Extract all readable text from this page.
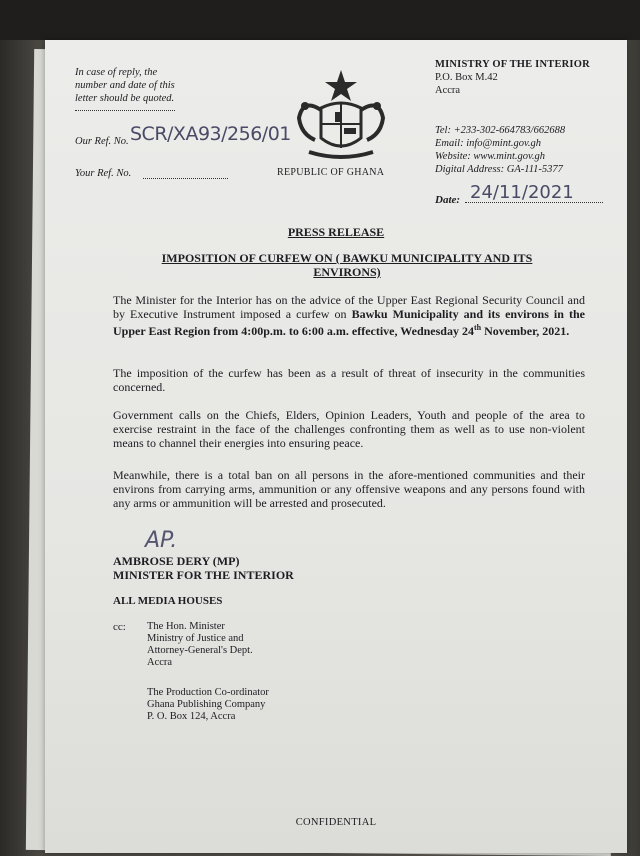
In case of reply, the
number and date of this
letter should be quoted.
Our Ref. No. SCR/XA93/256/01
Your Ref. No.	REPUBLIC OF GHANA
MINISTRY OF THE INTERIOR
P.O. Box M.42
Accra
Tel: +233-302-664783/662688
Email: info@mint.gov.gh
Website: www.mint.gov.gh
Digital Address: GA-111-5377
Date: 24/11/2021
PRESS RELEASE
IMPOSITION OF CURFEW ON ( BAWKU MUNICIPALITY AND ITS ENVIRONS)
The Minister for the Interior has on the advice of the Upper East Regional Security Council and by Executive Instrument imposed a curfew on Bawku Municipality and its environs in the Upper East Region from 4:00p.m. to 6:00 a.m. effective, Wednesday 24th November, 2021.
The imposition of the curfew has been as a result of threat of insecurity in the communities concerned.
Government calls on the Chiefs, Elders, Opinion Leaders, Youth and people of the area to exercise restraint in the face of the challenges confronting them as well as to use non-violent means to channel their energies into ensuring peace.
Meanwhile, there is a total ban on all persons in the afore-mentioned communities and their environs from carrying arms, ammunition or any offensive weapons and any persons found with any arms or ammunition will be arrested and prosecuted.
AP.
AMBROSE DERY (MP)
MINISTER FOR THE INTERIOR
ALL MEDIA HOUSES
cc: The Hon. Minister
Ministry of Justice and
Attorney-General's Dept.
Accra
The Production Co-ordinator
Ghana Publishing Company
P. O. Box 124, Accra
CONFIDENTIAL
